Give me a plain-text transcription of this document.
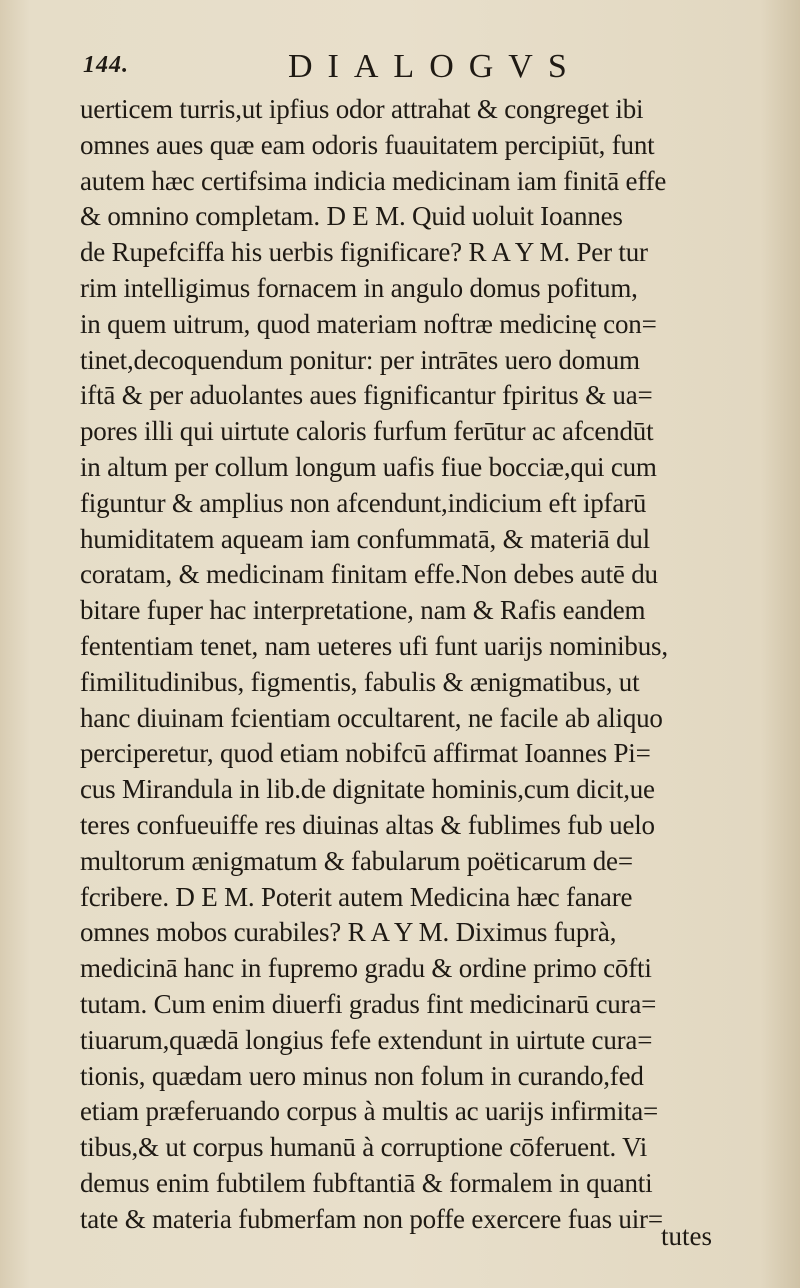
144.	DIALOGVS
uerticem turris,ut ipfius odor attrahat & congreget ibi
omnes aues quæ eam odoris fuauitatem percipiūt, funt
autem hæc certifsima indicia medicinam iam finitā effe
& omnino completam. D E M. Quid uoluit Ioannes
de Rupefciffa his uerbis fignificare? R A Y M. Per tur
rim intelligimus fornacem in angulo domus pofitum,
in quem uitrum, quod materiam noftræ medicinę con=
tinet,decoquendum ponitur: per intrātes uero domum
iftā & per aduolantes aues fignificantur fpiritus & ua=
pores illi qui uirtute caloris furfum ferūtur ac afcendūt
in altum per collum longum uafis fiue bocciæ,qui cum
figuntur & amplius non afcendunt,indicium eft ipfarū
humiditatem aqueam iam confummatā, & materiā dul
coratam, & medicinam finitam effe.Non debes autē du
bitare fuper hac interpretatione, nam & Rafis eandem
fententiam tenet, nam ueteres ufi funt uarijs nominibus,
fimilitudinibus, figmentis, fabulis & ænigmatibus, ut
hanc diuinam fcientiam occultarent, ne facile ab aliquo
perciperetur, quod etiam nobifcū affirmat Ioannes Pi=
cus Mirandula in lib.de dignitate hominis,cum dicit,ue
teres confueuiffe res diuinas altas & fublimes fub uelo
multorum ænigmatum & fabularum poëticarum de=
fcribere. D E M. Poterit autem Medicina hæc fanare
omnes mobos curabiles? R A Y M. Diximus fuprà,
medicinā hanc in fupremo gradu & ordine primo cōfti
tutam. Cum enim diuerfi gradus fint medicinarū cura=
tiuarum,quædā longius fefe extendunt in uirtute cura=
tionis, quædam uero minus non folum in curando,fed
etiam præferuando corpus à multis ac uarijs infirmita=
tibus,& ut corpus humanū à corruptione cōferuent. Vi
demus enim fubtilem fubftantiā & formalem in quanti
tate & materia fubmerfam non poffe exercere fuas uir=
tutes
